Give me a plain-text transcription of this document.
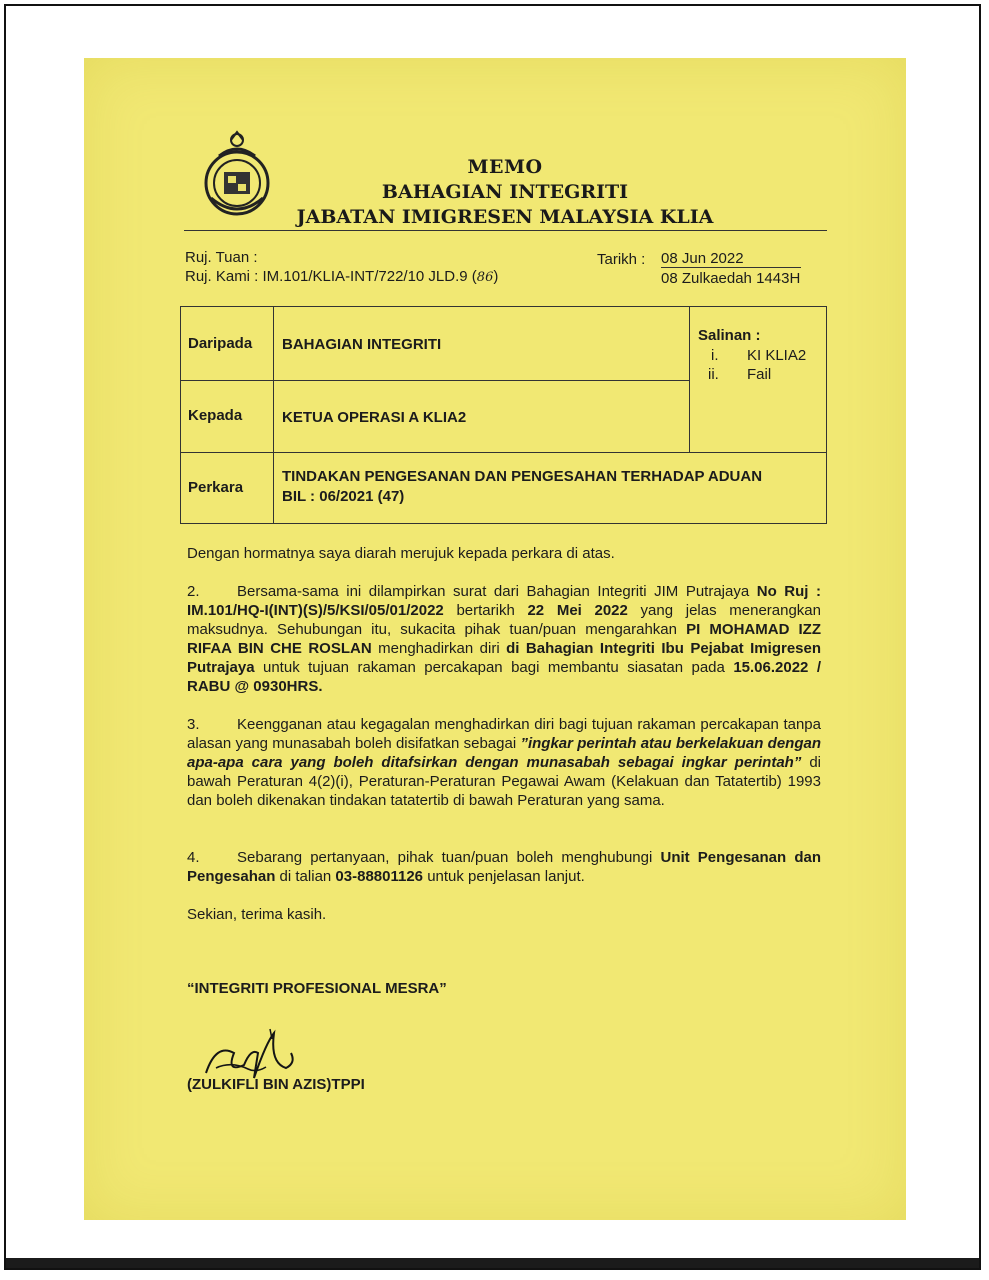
MEMO
BAHAGIAN INTEGRITI
JABATAN IMIGRESEN MALAYSIA KLIA
Ruj. Tuan :
Ruj. Kami : IM.101/KLIA-INT/722/10 JLD.9 (86)
Tarikh : 08 Jun 2022
08 Zulkaedah 1443H
Daripada BAHAGIAN INTEGRITI
Kepada	KETUA OPERASI A KLIA2
Perkara
TINDAKAN PENGESANAN DAN PENGESAHAN TERHADAP ADUAN
BIL : 06/2021 (47)
Salinan :
i. KI KLIA2
ii. Fail
Dengan hormatnya saya diarah merujuk kepada perkara di atas.
2. Bersama-sama ini dilampirkan surat dari Bahagian Integriti JIM Putrajaya No Ruj : IM.101/HQ-I(INT)(S)/5/KSI/05/01/2022 bertarikh 22 Mei 2022 yang jelas menerangkan maksudnya. Sehubungan itu, sukacita pihak tuan/puan mengarahkan PI MOHAMAD IZZ RIFAA BIN CHE ROSLAN menghadirkan diri di Bahagian Integriti Ibu Pejabat Imigresen Putrajaya untuk tujuan rakaman percakapan bagi membantu siasatan pada 15.06.2022 / RABU @ 0930HRS.
3. Keengganan atau kegagalan menghadirkan diri bagi tujuan rakaman percakapan tanpa alasan yang munasabah boleh disifatkan sebagai ”ingkar perintah atau berkelakuan dengan apa-apa cara yang boleh ditafsirkan dengan munasabah sebagai ingkar perintah” di bawah Peraturan 4(2)(i), Peraturan-Peraturan Pegawai Awam (Kelakuan dan Tatatertib) 1993 dan boleh dikenakan tindakan tatatertib di bawah Peraturan yang sama.
4. Sebarang pertanyaan, pihak tuan/puan boleh menghubungi Unit Pengesanan dan Pengesahan di talian 03-88801126 untuk penjelasan lanjut.
Sekian, terima kasih.
“INTEGRITI PROFESIONAL MESRA”
(ZULKIFLI BIN AZIS)TPPI
